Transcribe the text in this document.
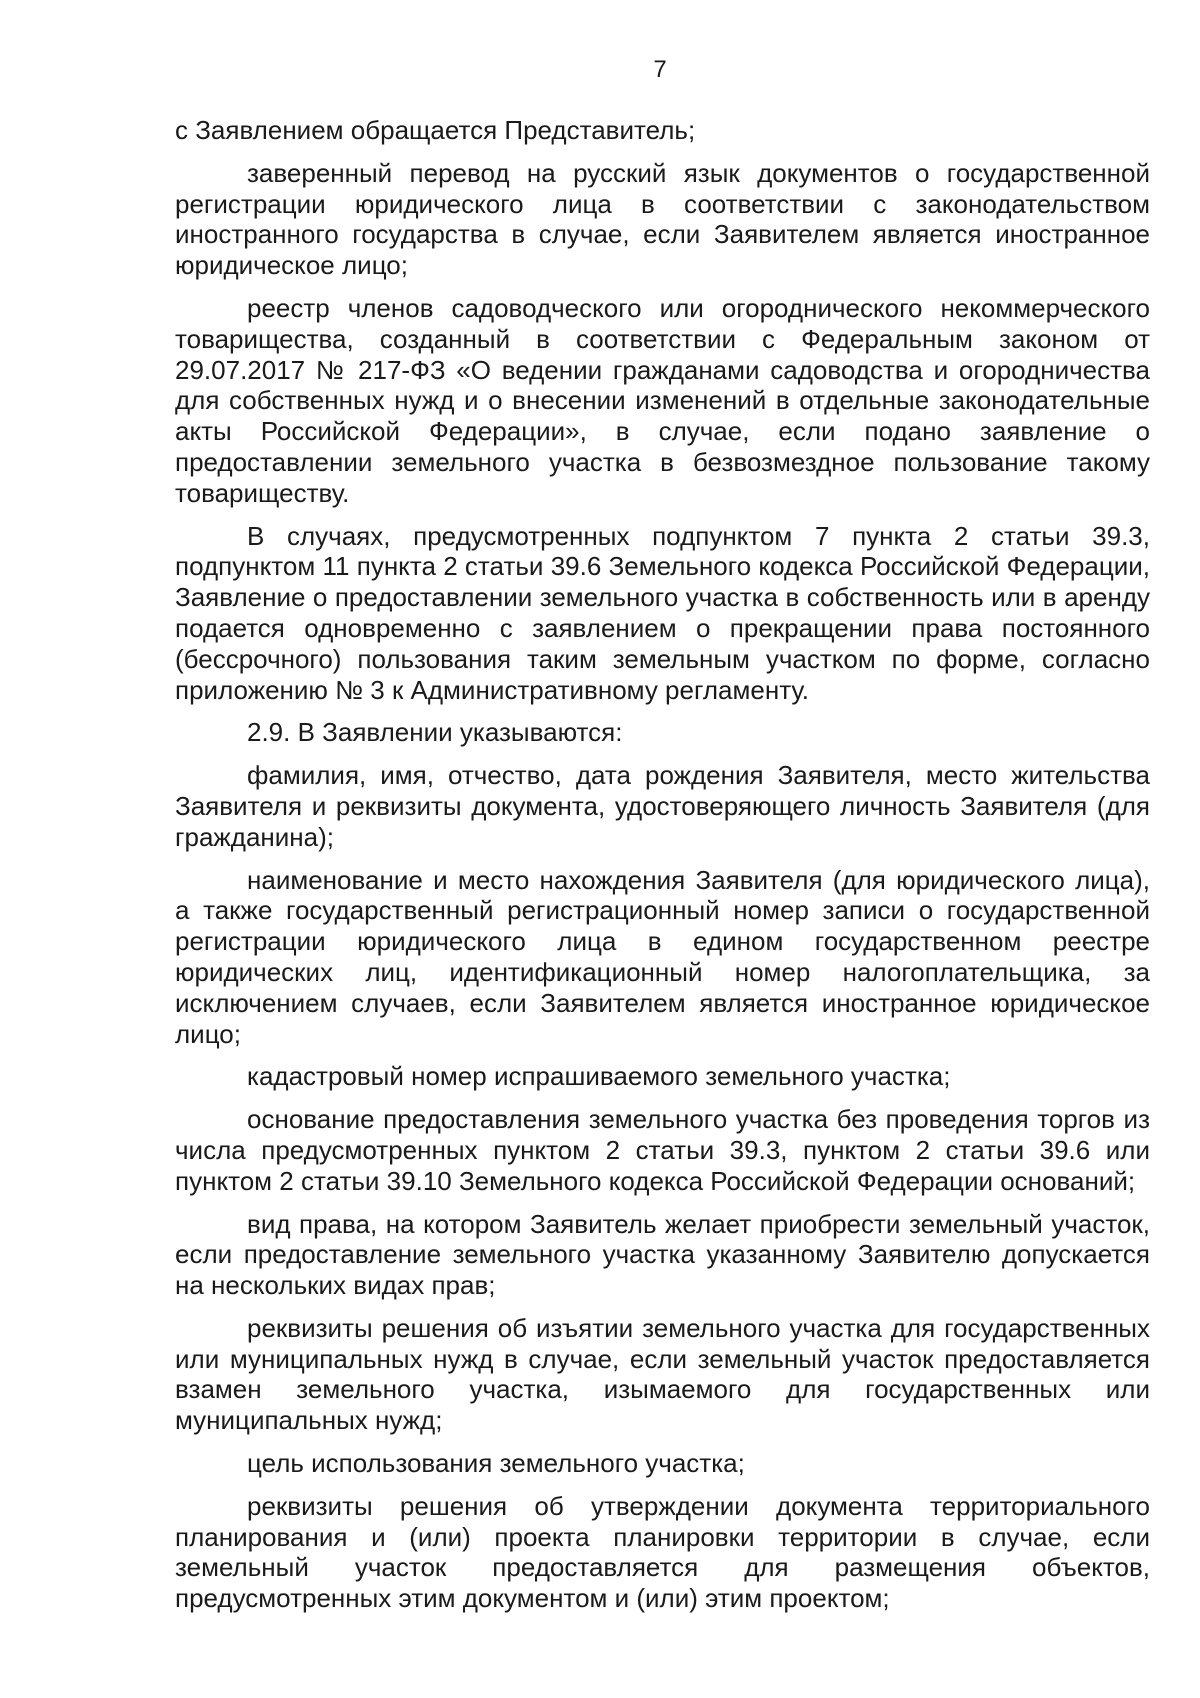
7

с Заявлением обращается Представитель;

заверенный перевод на русский язык документов о государственной регистрации юридического лица в соответствии с законодательством иностранного государства в случае, если Заявителем является иностранное юридическое лицо;

реестр членов садоводческого или огороднического некоммерческого товарищества, созданный в соответствии с Федеральным законом от 29.07.2017 № 217-ФЗ «О ведении гражданами садоводства и огородничества для собственных нужд и о внесении изменений в отдельные законодательные акты Российской Федерации», в случае, если подано заявление о предоставлении земельного участка в безвозмездное пользование такому товариществу.

В случаях, предусмотренных подпунктом 7 пункта 2 статьи 39.3, подпунктом 11 пункта 2 статьи 39.6 Земельного кодекса Российской Федерации, Заявление о предоставлении земельного участка в собственность или в аренду подается одновременно с заявлением о прекращении права постоянного (бессрочного) пользования таким земельным участком по форме, согласно приложению № 3 к Административному регламенту.

2.9. В Заявлении указываются:

фамилия, имя, отчество, дата рождения Заявителя, место жительства Заявителя и реквизиты документа, удостоверяющего личность Заявителя (для гражданина);

наименование и место нахождения Заявителя (для юридического лица), а также государственный регистрационный номер записи о государственной регистрации юридического лица в едином государственном реестре юридических лиц, идентификационный номер налогоплательщика, за исключением случаев, если Заявителем является иностранное юридическое лицо;

кадастровый номер испрашиваемого земельного участка;

основание предоставления земельного участка без проведения торгов из числа предусмотренных пунктом 2 статьи 39.3, пунктом 2 статьи 39.6 или пунктом 2 статьи 39.10 Земельного кодекса Российской Федерации оснований;

вид права, на котором Заявитель желает приобрести земельный участок, если предоставление земельного участка указанному Заявителю допускается на нескольких видах прав;

реквизиты решения об изъятии земельного участка для государственных или муниципальных нужд в случае, если земельный участок предоставляется взамен земельного участка, изымаемого для государственных или муниципальных нужд;

цель использования земельного участка;

реквизиты решения об утверждении документа территориального планирования и (или) проекта планировки территории в случае, если земельный участок предоставляется для размещения объектов, предусмотренных этим документом и (или) этим проектом;
